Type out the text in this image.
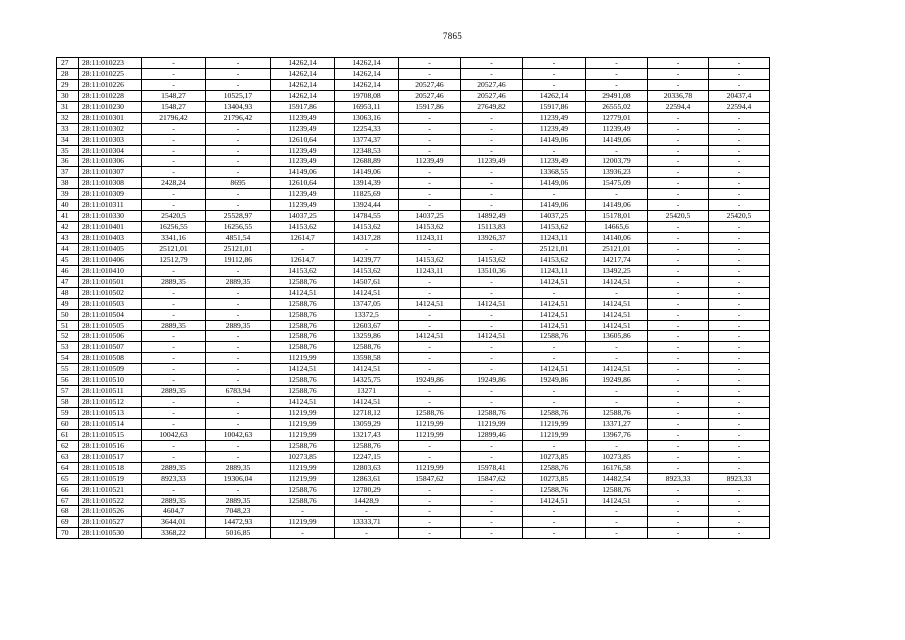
7865
27	28:11:010223	-	-	14262,14	14262,14	-	-	-	-	-	-
28	28:11:010225	-	-	14262,14	14262,14	-	-	-	-	-	-
29	28:11:010226	-	-	14262,14	14262,14	20527,46	20527,46	-	-	-	-
30	28:11:010228	1548,27	10525,17	14262,14	19708,08	20527,46	20527,46	14262,14	29491,08	20336,78	20437,4
31	28:11:010230	1548,27	13404,93	15917,86	16953,11	15917,86	27649,82	15917,86	26555,02	22594,4	22594,4
32	28:11:010301	21796,42	21796,42	11239,49	13063,16	-	-	11239,49	12779,01	-	-
33	28:11:010302	-	-	11239,49	12254,33	-	-	11239,49	11239,49	-	-
34	28:11:010303	-	-	12610,64	13774,37	-	-	14149,06	14149,06	-	-
35	28:11:010304	-	-	11239,49	12348,53	-	-	-	-	-	-
36	28:11:010306	-	-	11239,49	12688,89	11239,49	11239,49	11239,49	12003,79	-	-
37	28:11:010307	-	-	14149,06	14149,06	-	-	13368,55	13936,23	-	-
38	28:11:010308	2428,24	8695	12610,64	13914,39	-	-	14149,06	15475,09	-	-
39	28:11:010309	-	-	11239,49	11825,69	-	-	-	-	-	-
40	28:11:010311	-	-	11239,49	13924,44	-	-	14149,06	14149,06	-	-
41	28:11:010330	25420,5	25528,97	14037,25	14784,55	14037,25	14892,49	14037,25	15178,01	25420,5	25420,5
42	28:11:010401	16256,55	16256,55	14153,62	14153,62	14153,62	15113,83	14153,62	14665,6	-	-
43	28:11:010403	3341,16	4851,54	12614,7	14317,28	11243,11	13926,37	11243,11	14140,06	-	-
44	28:11:010405	25121,01	25121,01	-	-	-	-	25121,01	25121,01	-	-
45	28:11:010406	12512,79	19112,86	12614,7	14239,77	14153,62	14153,62	14153,62	14217,74	-	-
46	28:11:010410	-	-	14153,62	14153,62	11243,11	13510,36	11243,11	13492,25	-	-
47	28:11:010501	2889,35	2889,35	12588,76	14507,61	-	-	14124,51	14124,51	-	-
48	28:11:010502	-	-	14124,51	14124,51	-	-	-	-	-	-
49	28:11:010503	-	-	12588,76	13747,05	14124,51	14124,51	14124,51	14124,51	-	-
50	28:11:010504	-	-	12588,76	13372,5	-	-	14124,51	14124,51	-	-
51	28:11:010505	2889,35	2889,35	12588,76	12603,67	-	-	14124,51	14124,51	-	-
52	28:11:010506	-	-	12588,76	13259,86	14124,51	14124,51	12588,76	13605,86	-	-
53	28:11:010507	-	-	12588,76	12588,76	-	-	-	-	-	-
54	28:11:010508	-	-	11219,99	13598,58	-	-	-	-	-	-
55	28:11:010509	-	-	14124,51	14124,51	-	-	14124,51	14124,51	-	-
56	28:11:010510	-	-	12588,76	14325,75	19249,86	19249,86	19249,86	19249,86	-	-
57	28:11:010511	2889,35	6783,94	12588,76	13271	-	-	-	-	-	-
58	28:11:010512	-	-	14124,51	14124,51	-	-	-	-	-	-
59	28:11:010513	-	-	11219,99	12718,12	12588,76	12588,76	12588,76	12588,76	-	-
60	28:11:010514	-	-	11219,99	13059,29	11219,99	11219,99	11219,99	13371,27	-	-
61	28:11:010515	10042,63	10042,63	11219,99	13217,43	11219,99	12899,46	11219,99	13967,76	-	-
62	28:11:010516	-	-	12588,76	12588,76	-	-	-	-	-	-
63	28:11:010517	-	-	10273,85	12247,15	-	-	10273,85	10273,85	-	-
64	28:11:010518	2889,35	2889,35	11219,99	12803,63	11219,99	15978,41	12588,76	16176,58	-	-
65	28:11:010519	8923,33	19306,04	11219,99	12863,61	15847,62	15847,62	10273,85	14482,54	8923,33	8923,33
66	28:11:010521	-	-	12588,76	12780,29	-	-	12588,76	12588,76	-	-
67	28:11:010522	2889,35	2889,35	12588,76	14428,9	-	-	14124,51	14124,51	-	-
68	28:11:010526	4604,7	7048,23	-	-	-	-	-	-	-	-
69	28:11:010527	3644,01	14472,93	11219,99	13333,71	-	-	-	-	-	-
70	28:11:010530	3368,22	5016,85	-	-	-	-	-	-	-	-
